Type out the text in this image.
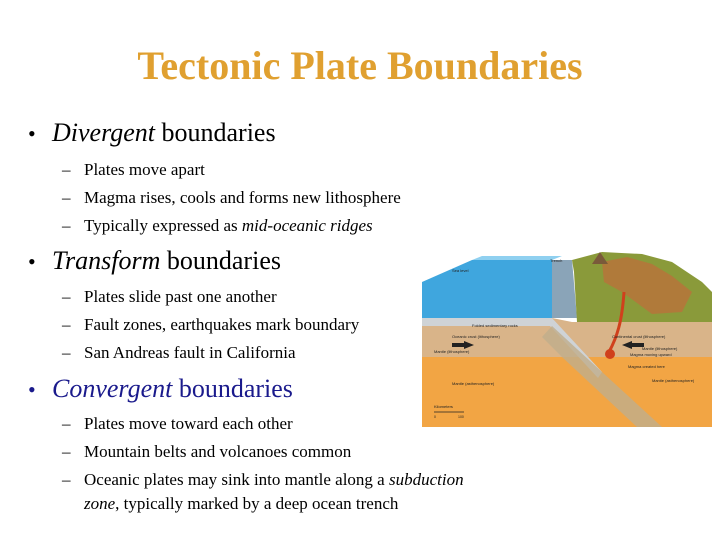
Tectonic Plate Boundaries
• Divergent boundaries
– Plates move apart
– Magma rises, cools and forms new lithosphere
– Typically expressed as mid-oceanic ridges
• Transform boundaries
– Plates slide past one another
– Fault zones, earthquakes mark boundary
– San Andreas fault in California
• Convergent boundaries
– Plates move toward each other
– Mountain belts and volcanoes common
– Oceanic plates may sink into mantle along a subduction
zone, typically marked by a deep ocean trench
Sea level
Trench
Folded sedimentary rocks
Oceanic crust (lithosphere)	Continental crust (lithosphere)
Mantle (lithosphere)
Mantle (lithosphere)
Magma moving upward
Magma created here
Mantle (asthenosphere)
Mantle (asthenosphere)
Kilometers
0	100
